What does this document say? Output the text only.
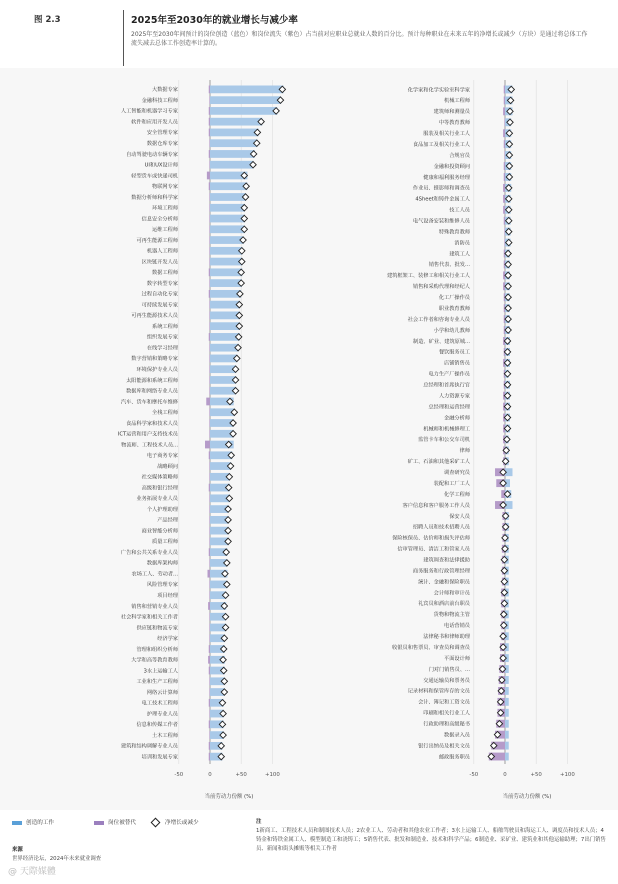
图 2.3	2025年至2030年的就业增长与减少率
2025年至2030年间预计的岗位创造（蓝色）和岗位流失（紫色）占当前对应职业总就业人数的百分比。预计每种职业在未来五年的净增长或减少（方块）是通过将总体工作流失减去总体工作创造率计算的。
-50	0	+50	+100
当前劳动力份额 (%)
大数据专家
金融科技工程师
人工智能和机器学习专家
软件和应用开发人员
安全管理专家
数据仓库专家
自动驾驶电动车辆专家
UI和UX设计师
轻型货车或快递司机
物联网专家
数据分析师和科学家
环境工程师
信息安全分析师
运维工程师
可再生能源工程师
机器人工程师
区块链开发人员
数据工程师
数字转型专家
过程自动化专家
可持续发展专家
可再生能源技术人员
系统工程师
组织发展专家
在线学习经理
数字营销和策略专家
环境保护专业人员
太阳能源和系统工程师
数据库和网络专业人员
汽车、货车和摩托车维修
全栈工程师
食品科学家和技术人员
ICT运营和用户支持技术员
物流师、工程技术人员...
电子商务专家
战略顾问
社交媒体策略师
高级和银行经理
业务拓展专业人员
个人护理助理
产品经理
商业智能分析师
质量工程师
广告和公共关系专业人员
数据库架构师
农场工人、劳动者...
风险管理专家
项目经理
销售和营销专业人员
社会科学家和相关工作者
供应链和物流专家
经济学家
管理和组织分析师
大学和高等教育教师
3水上运输工人
工业和生产工程师
网络云计算师
电工技术工程师
护理专业人员
信息和传媒工作者
土木工程师
建筑和结构调解专业人员
培训和发展专家
-50	0	+50	+100
当前劳动力份额 (%)
化学家和化学实验室科学家
机械工程师
建筑师和测量员
中等教育教师
服装及相关行业工人
食品加工及相关行业工人
合规官员
金融和投资顾问
健康和福利服务经理
作业员、摄影师和调查员
4Sheet和铸件金属工人
技工人员
电气设备安装和维修人员
特殊教育教师
消防员
建筑工人
销售代表、批发...
建筑框架工、装修工和相关行业工人
销售和采购代理和经纪人
化工厂操作员
职业教育教师
社会工作者和咨询专业人员
小学和幼儿教师
制造、矿业、建筑原城...
餐饮服务员工
店铺销售员
电力生产厂操作员
总经理和首席执行官
人力资源专家
总经理和运营经理
金融分析师
机械师和机械修理工
监管卡车和公交车司机
律师
矿工、石油和其他采矿工人
调查研究员
装配和工厂工人
化学工程师
客户信息和客户服务工作人员
保安人员
招聘人员和技术招聘人员
保险核保员、估价师和损失评估师
信审管理员、清洁工和管家人员
建筑调查和法律援助
商务服务和行政管理经理
统计、金融和保险职员
会计师和审计员
礼宾员和酒店前台职员
货物和物流主管
电话营销员
法律秘书和律师助理
收银员和售票员、审查员和调查员
平面设计师
门对门销售员、...
交通运输员和票务员
记录材料和保管库存的文员
会计、簿记和工资文员
印刷和相关行业工人
行政助理和高级秘书
数据录入员
银行出纳员及相关文员
邮政服务职员
创造的工作	岗位被替代	净增长或减少	注
1新商工、工程技术人员和制图技术人员；2农业工人、劳动者和其他农业工作者；3水上运输工人、船舶驾驶员和海运工人、调度员和技术人员；4铸金和铸铁金属工人、模型制造工和浇铸工；5销售代表、批发和制造业、技术和科学产品；6制造业、采矿业、建筑业和其他运输助理；7出门销售员、新闻和街头摊贩等相关工作者
来源
世界经济论坛，2024年未来就业调查
@ 天際媒體
